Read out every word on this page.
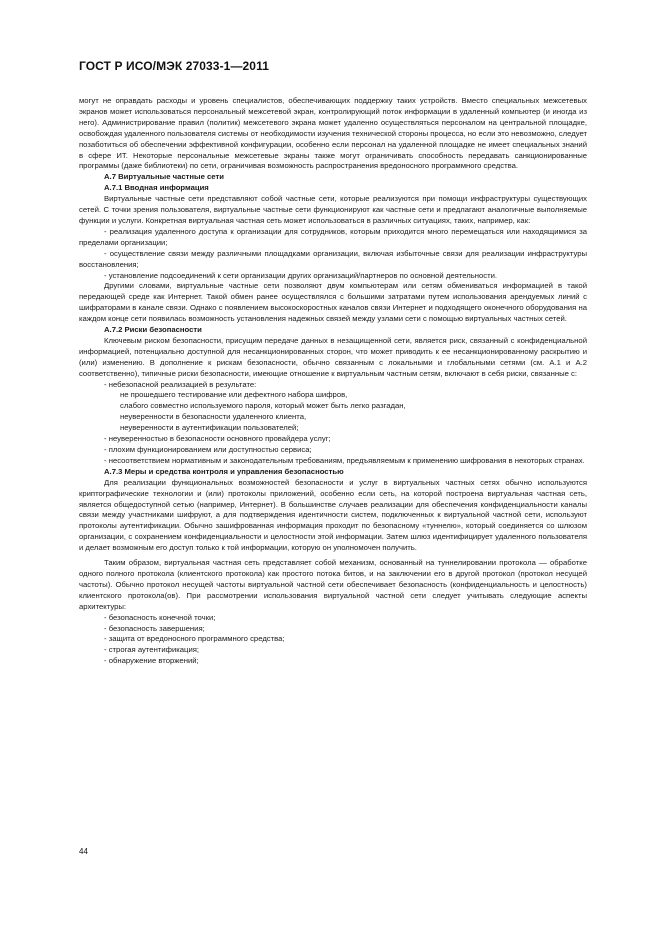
ГОСТ Р ИСО/МЭК 27033-1—2011

могут не оправдать расходы и уровень специалистов, обеспечивающих поддержку таких устройств. Вместо специальных межсетевых экранов может использоваться персональный межсетевой экран, контролирующий поток информации в удаленный компьютер (и иногда из него). Администрирование правил (политик) межсетевого экрана может удаленно осуществляться персоналом на центральной площадке, освобождая удаленного пользователя системы от необходимости изучения технической стороны процесса, но если это невозможно, следует позаботиться об обеспечении эффективной конфигурации, особенно если персонал на удаленной площадке не имеет специальных знаний в сфере ИТ. Некоторые персональные межсетевые экраны также могут ограничивать способность передавать санкционированные программы (даже библиотеки) по сети, ограничивая возможность распространения вредоносного программного средства.

А.7 Виртуальные частные сети

А.7.1 Вводная информация

Виртуальные частные сети представляют собой частные сети, которые реализуются при помощи инфраструктуры существующих сетей. С точки зрения пользователя, виртуальные частные сети функционируют как частные сети и предлагают аналогичные выполняемые функции и услуги. Конкретная виртуальная частная сеть может использоваться в различных ситуациях, таких, например, как:

- реализация удаленного доступа к организации для сотрудников, которым приходится много перемещаться или находящимися за пределами организации;

- осуществление связи между различными площадками организации, включая избыточные связи для реализации инфраструктуры восстановления;

- установление подсоединений к сети организации других организаций/партнеров по основной деятельности.

Другими словами, виртуальные частные сети позволяют двум компьютерам или сетям обмениваться информацией в такой передающей среде как Интернет. Такой обмен ранее осуществлялся с большими затратами путем использования арендуемых линий с шифраторами в канале связи. Однако с появлением высокоскоростных каналов связи Интернет и подходящего оконечного оборудования на каждом конце сети появилась возможность установления надежных связей между узлами сети с помощью виртуальных частных сетей.

А.7.2 Риски безопасности

Ключевым риском безопасности, присущим передаче данных в незащищенной сети, является риск, связанный с конфиденциальной информацией, потенциально доступной для несанкционированных сторон, что может приводить к ее несанкционированному раскрытию и (или) изменению. В дополнение к рискам безопасности, обычно связанным с локальными и глобальными сетями (см. А.1 и А.2 соответственно), типичные риски безопасности, имеющие отношение к виртуальным частным сетям, включают в себя риски, связанные с:

- небезопасной реализацией в результате:

не прошедшего тестирование или дефектного набора шифров,

слабого совместно используемого пароля, который может быть легко разгадан,

неуверенности в безопасности удаленного клиента,

неуверенности в аутентификации пользователей;

- неуверенностью в безопасности основного провайдера услуг;

- плохим функционированием или доступностью сервиса;

- несоответствием нормативным и законодательным требованиям, предъявляемым к применению шифрования в некоторых странах.

А.7.3 Меры и средства контроля и управления безопасностью

Для реализации функциональных возможностей безопасности и услуг в виртуальных частных сетях обычно используются криптографические технологии и (или) протоколы приложений, особенно если сеть, на которой построена виртуальная частная сеть, является общедоступной сетью (например, Интернет). В большинстве случаев реализации для обеспечения конфиденциальности каналы связи между участниками шифруют, а для подтверждения идентичности систем, подключенных к виртуальной частной сети, используют протоколы аутентификации. Обычно зашифрованная информация проходит по безопасному «туннелю», который соединяется со шлюзом организации, с сохранением конфиденциальности и целостности этой информации. Затем шлюз идентифицирует удаленного пользователя и делает возможным его доступ только к той информации, которую он уполномочен получить.

Таким образом, виртуальная частная сеть представляет собой механизм, основанный на туннелировании протокола — обработке одного полного протокола (клиентского протокола) как простого потока битов, и на заключении его в другой протокол (протокол несущей частоты). Обычно протокол несущей частоты виртуальной частной сети обеспечивает безопасность (конфиденциальность и целостность) клиентского протокола(ов). При рассмотрении использования виртуальной частной сети следует учитывать следующие аспекты архитектуры:

- безопасность конечной точки;

- безопасность завершения;

- защита от вредоносного программного средства;

- строгая аутентификация;

- обнаружение вторжений;

44
